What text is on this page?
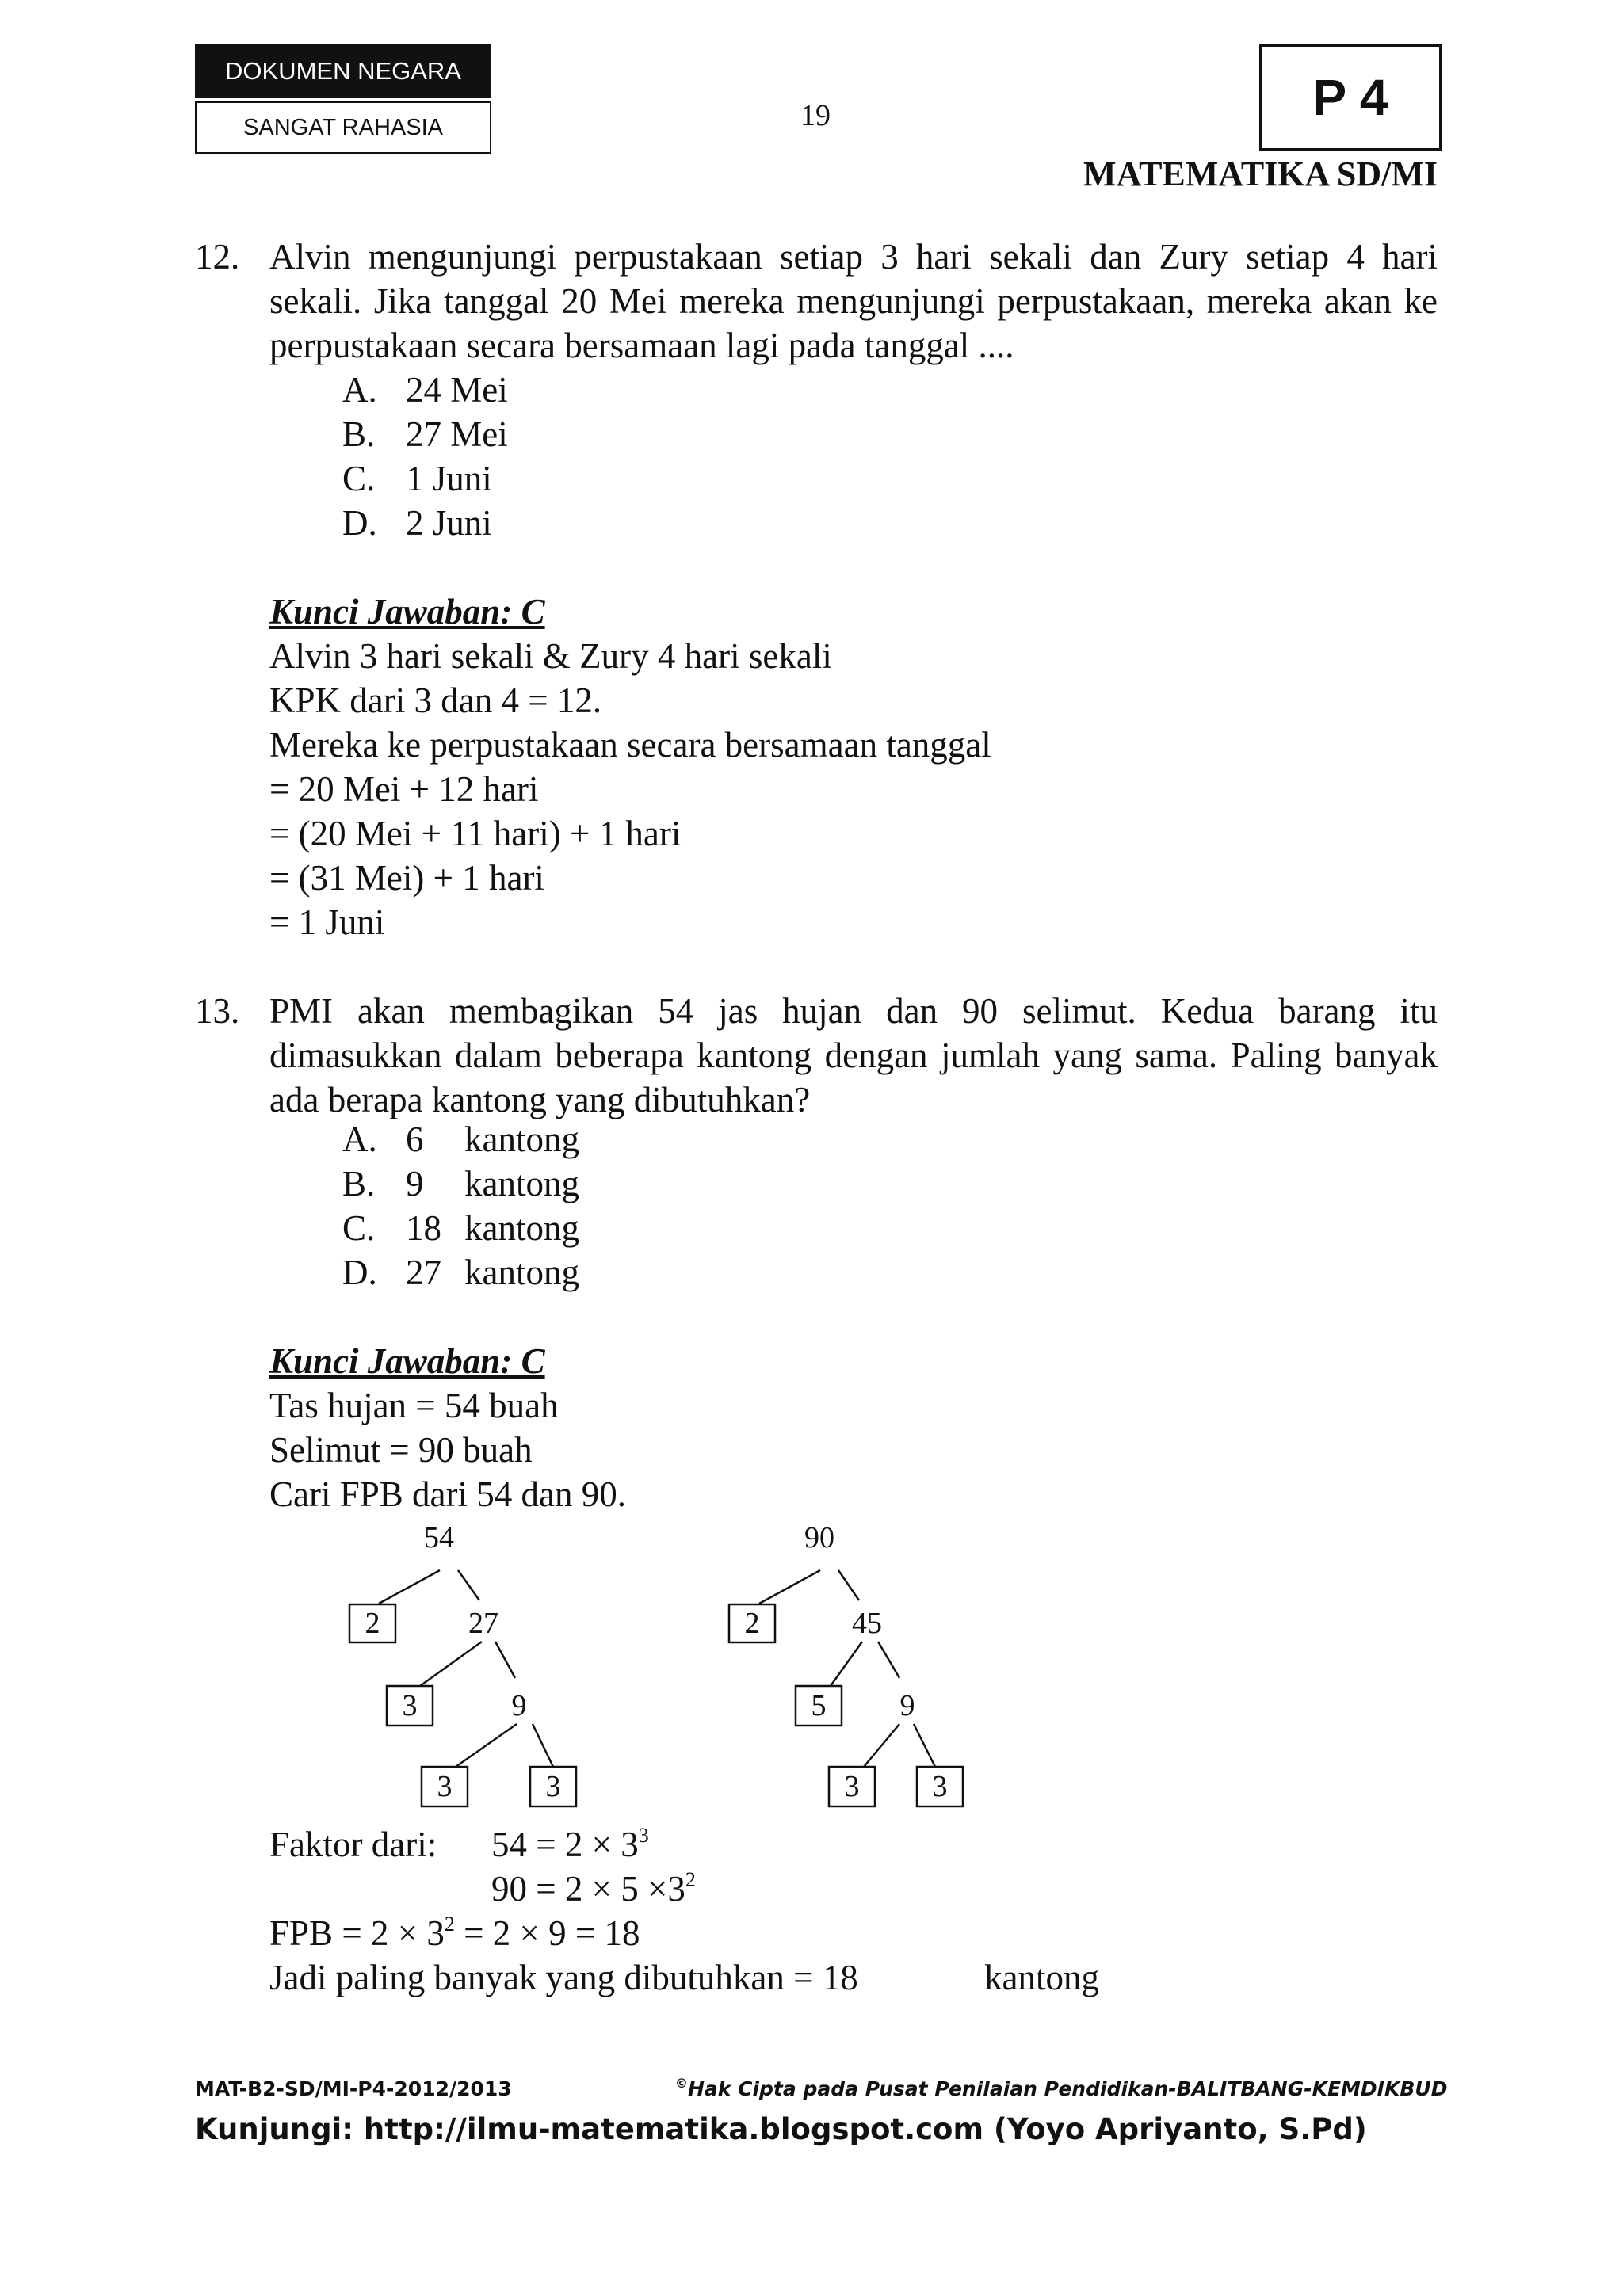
DOKUMEN NEGARA
SANGAT RAHASIA	19	P 4
MATEMATIKA SD/MI
12. Alvin mengunjungi perpustakaan setiap 3 hari sekali dan Zury setiap 4 hari sekali. Jika tanggal 20 Mei mereka mengunjungi perpustakaan, mereka akan ke perpustakaan secara bersamaan lagi pada tanggal ....
A. 24 Mei
B. 27 Mei
C. 1 Juni
D. 2 Juni
Kunci Jawaban: C
Alvin 3 hari sekali & Zury 4 hari sekali
KPK dari 3 dan 4 = 12.
Mereka ke perpustakaan secara bersamaan tanggal
= 20 Mei + 12 hari
= (20 Mei + 11 hari) + 1 hari
= (31 Mei) + 1 hari
= 1 Juni
13. PMI akan membagikan 54 jas hujan dan 90 selimut. Kedua barang itu dimasukkan dalam beberapa kantong dengan jumlah yang sama. Paling banyak ada berapa kantong yang dibutuhkan?
A. 6 kantong
B. 9 kantong
C. 18 kantong
D. 27 kantong
Kunci Jawaban: C
Tas hujan = 54 buah
Selimut = 90 buah
Cari FPB dari 54 dan 90.
54
2	27
3	9
3	3
90
2	45
5 9
3 3
Faktor dari: $54 = 2 \times 3^3$
$90 = 2 \times 5 \times 3^2$
FPB = $2 \times 3^2 = 2 \times 9 = 18$
Jadi paling banyak yang dibutuhkan = 18	kantong
MAT-B2-SD/MI-P4-2012/2013	©Hak Cipta pada Pusat Penilaian Pendidikan-BALITBANG-KEMDIKBUD
Kunjungi: http://ilmu-matematika.blogspot.com (Yoyo Apriyanto, S.Pd)
